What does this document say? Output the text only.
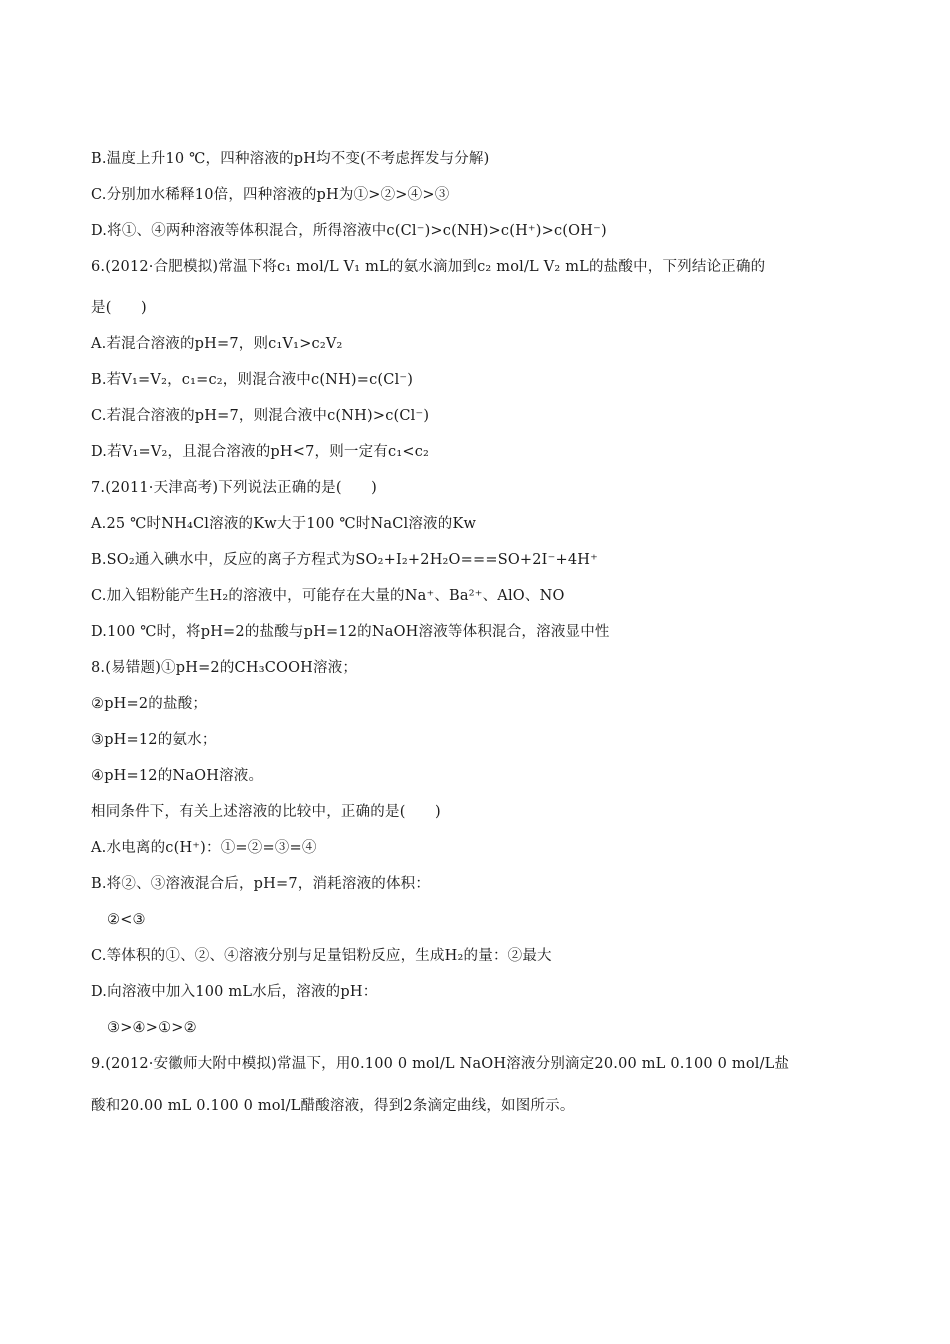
B.温度上升10 ℃，四种溶液的pH均不变(不考虑挥发与分解)
C.分别加水稀释10倍，四种溶液的pH为①>②>④>③
D.将①、④两种溶液等体积混合，所得溶液中c(Cl⁻)>c(NH)>c(H⁺)>c(OH⁻)
6.(2012·合肥模拟)常温下将c₁ mol/L V₁ mL的氨水滴加到c₂ mol/L V₂ mL的盐酸中，下列结论正确的
是(　　)
A.若混合溶液的pH=7，则c₁V₁>c₂V₂
B.若V₁=V₂，c₁=c₂，则混合液中c(NH)=c(Cl⁻)
C.若混合溶液的pH=7，则混合液中c(NH)>c(Cl⁻)
D.若V₁=V₂，且混合溶液的pH<7，则一定有c₁<c₂
7.(2011·天津高考)下列说法正确的是(　　)
A.25 ℃时NH₄Cl溶液的Kw大于100 ℃时NaCl溶液的Kw
B.SO₂通入碘水中，反应的离子方程式为SO₂+I₂+2H₂O===SO+2I⁻+4H⁺
C.加入铝粉能产生H₂的溶液中，可能存在大量的Na⁺、Ba²⁺、AlO、NO
D.100 ℃时，将pH=2的盐酸与pH=12的NaOH溶液等体积混合，溶液显中性
8.(易错题)①pH=2的CH₃COOH溶液；
②pH=2的盐酸；
③pH=12的氨水；
④pH=12的NaOH溶液。
相同条件下，有关上述溶液的比较中，正确的是(　　)
A.水电离的c(H⁺)：①=②=③=④
B.将②、③溶液混合后，pH=7，消耗溶液的体积：
②<③
C.等体积的①、②、④溶液分别与足量铝粉反应，生成H₂的量：②最大
D.向溶液中加入100 mL水后，溶液的pH：
③>④>①>②
9.(2012·安徽师大附中模拟)常温下，用0.100 0 mol/L NaOH溶液分别滴定20.00 mL 0.100 0 mol/L盐
酸和20.00 mL 0.100 0 mol/L醋酸溶液，得到2条滴定曲线，如图所示。
